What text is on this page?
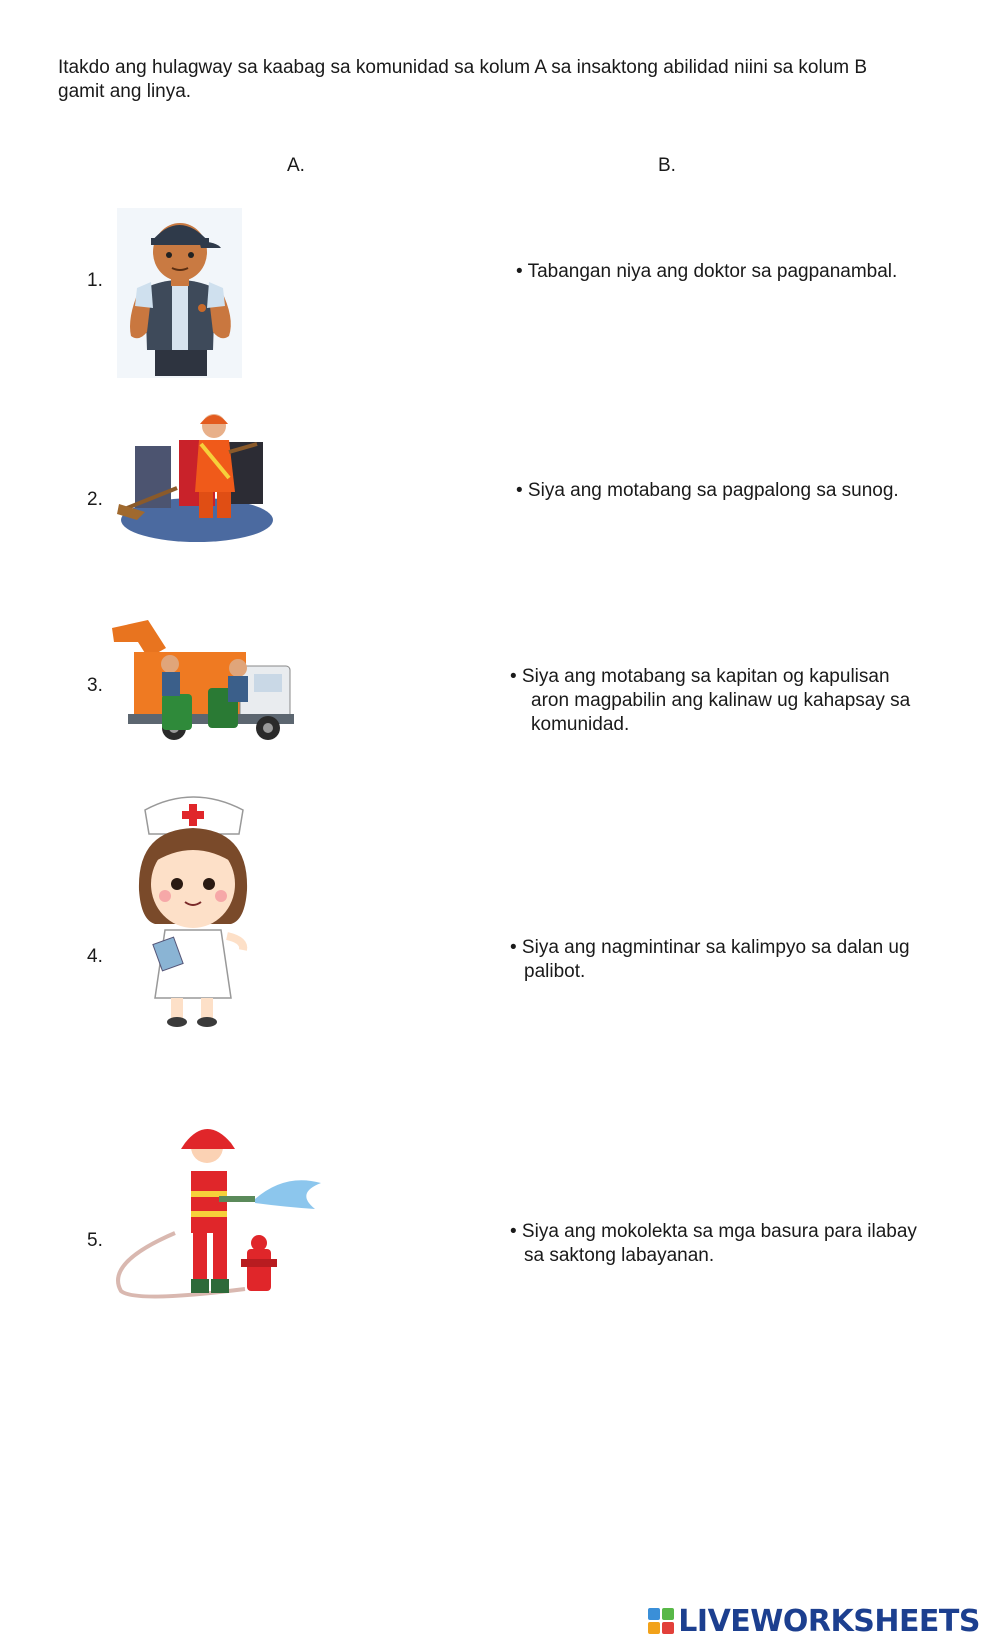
Itakdo ang hulagway sa kaabag sa komunidad sa kolum A sa insaktong abilidad niini sa kolum B
gamit ang linya.

A.	B.
1.
2.
3.
4.
5.
• Tabangan niya ang doktor sa pagpanambal.
• Siya ang motabang sa pagpalong sa sunog.
• Siya ang motabang sa kapitan og kapulisan
aron magpabilin ang kalinaw ug kahapsay sa
komunidad.
• Siya ang nagmintinar sa kalimpyo sa dalan ug
palibot.
• Siya ang mokolekta sa mga basura para ilabay
sa saktong labayanan.
LIVEWORKSHEETS
